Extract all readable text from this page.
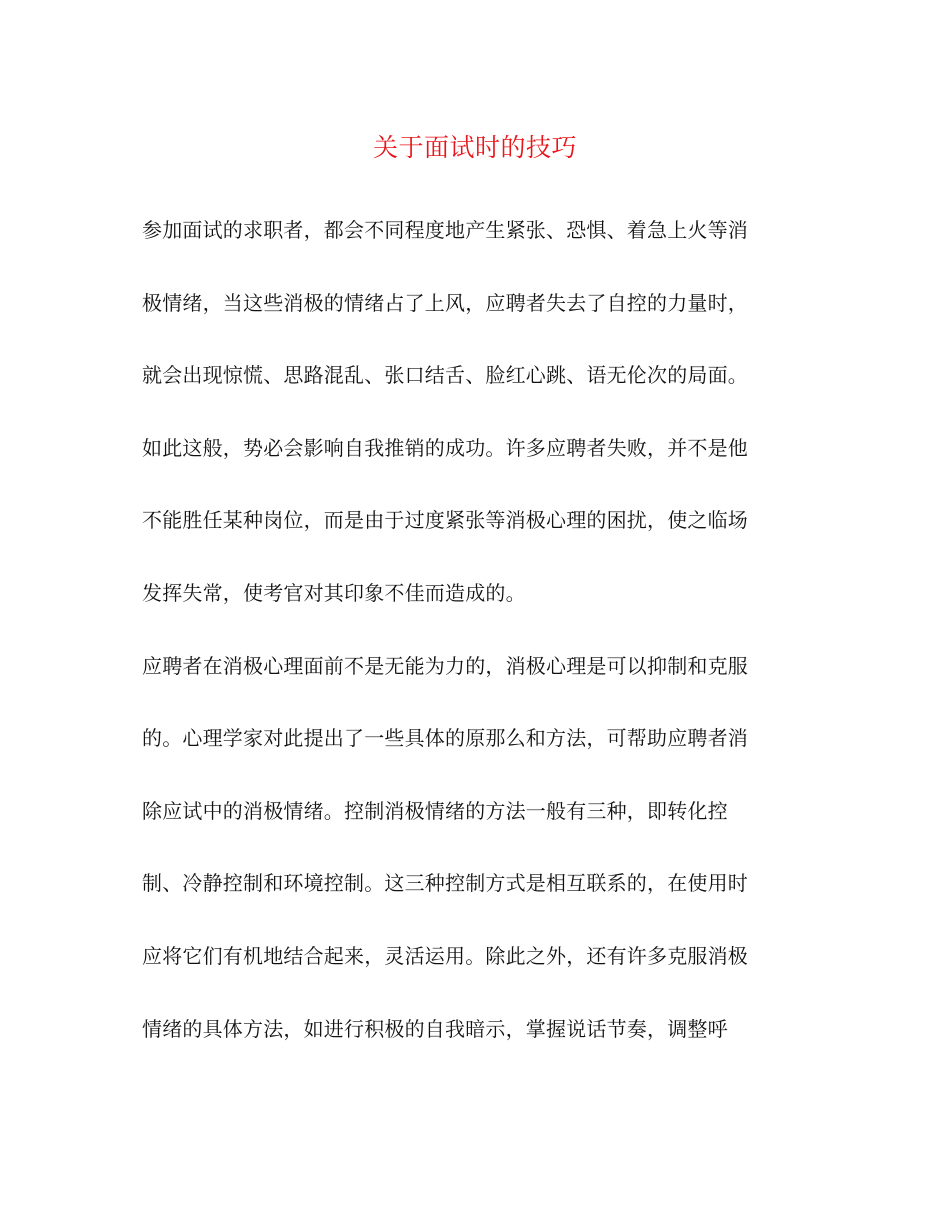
关于面试时的技巧
参加面试的求职者，都会不同程度地产生紧张、恐惧、着急上火等消
极情绪，当这些消极的情绪占了上风，应聘者失去了自控的力量时，
就会出现惊慌、思路混乱、张口结舌、脸红心跳、语无伦次的局面。
如此这般，势必会影响自我推销的成功。许多应聘者失败，并不是他
不能胜任某种岗位，而是由于过度紧张等消极心理的困扰，使之临场
发挥失常，使考官对其印象不佳而造成的。
应聘者在消极心理面前不是无能为力的，消极心理是可以抑制和克服
的。心理学家对此提出了一些具体的原那么和方法，可帮助应聘者消
除应试中的消极情绪。控制消极情绪的方法一般有三种，即转化控
制、冷静控制和环境控制。这三种控制方式是相互联系的，在使用时
应将它们有机地结合起来，灵活运用。除此之外，还有许多克服消极
情绪的具体方法，如进行积极的自我暗示，掌握说话节奏，调整呼
